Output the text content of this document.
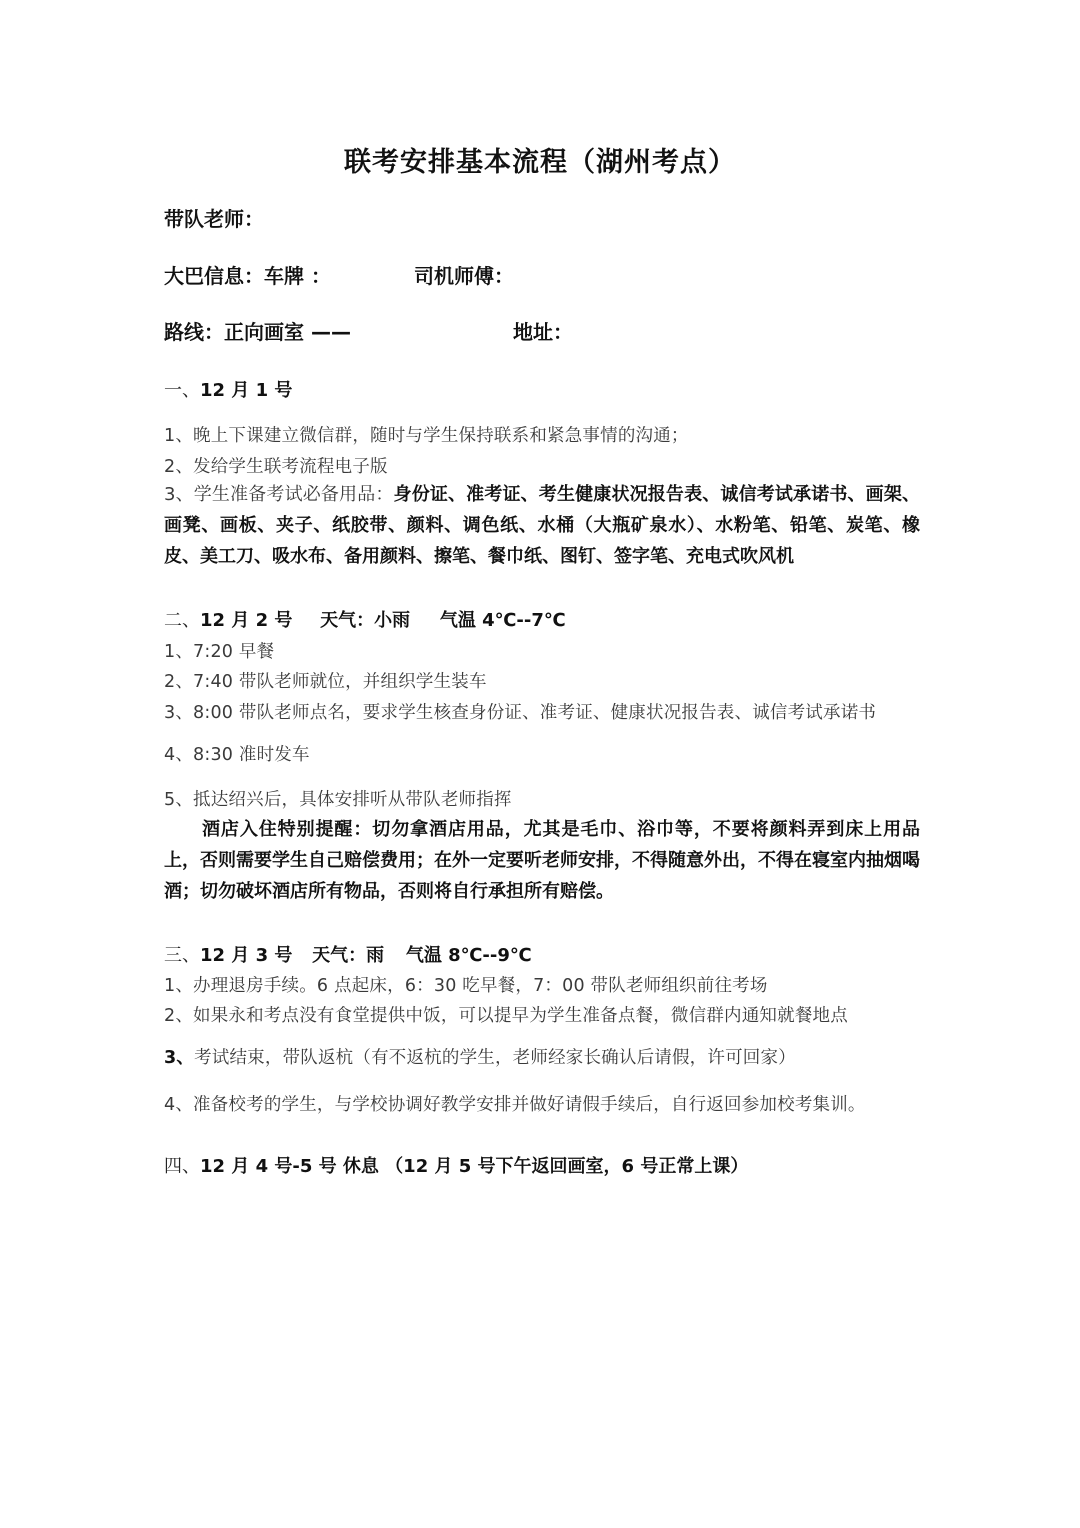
联考安排基本流程（湖州考点）
带队老师：
大巴信息：车牌 ：	司机师傅：
路线：正向画室 ——	地址：
一、12 月 1 号
1、晚上下课建立微信群，随时与学生保持联系和紧急事情的沟通；
2、发给学生联考流程电子版
3、学生准备考试必备用品：身份证、准考证、考生健康状况报告表、诚信考试承诺书、画架、画凳、画板、夹子、纸胶带、颜料、调色纸、水桶（大瓶矿泉水）、水粉笔、铅笔、炭笔、橡皮、美工刀、吸水布、备用颜料、擦笔、餐巾纸、图钉、签字笔、充电式吹风机
二、12 月 2 号 天气：小雨 气温 4℃--7℃
1、7:20 早餐
2、7:40 带队老师就位，并组织学生装车
3、8:00 带队老师点名，要求学生核查身份证、准考证、健康状况报告表、诚信考试承诺书
4、8:30 准时发车
5、抵达绍兴后，具体安排听从带队老师指挥
酒店入住特别提醒：切勿拿酒店用品，尤其是毛巾、浴巾等，不要将颜料弄到床上用品上，否则需要学生自己赔偿费用；在外一定要听老师安排，不得随意外出，不得在寝室内抽烟喝酒；切勿破坏酒店所有物品，否则将自行承担所有赔偿。
三、12 月 3 号 天气：雨 气温 8℃--9℃
1、办理退房手续。6 点起床，6：30 吃早餐，7：00 带队老师组织前往考场
2、如果永和考点没有食堂提供中饭，可以提早为学生准备点餐，微信群内通知就餐地点
3、考试结束，带队返杭（有不返杭的学生，老师经家长确认后请假，许可回家）
4、准备校考的学生，与学校协调好教学安排并做好请假手续后，自行返回参加校考集训。
四、12 月 4 号-5 号 休息 （12 月 5 号下午返回画室，6 号正常上课）
